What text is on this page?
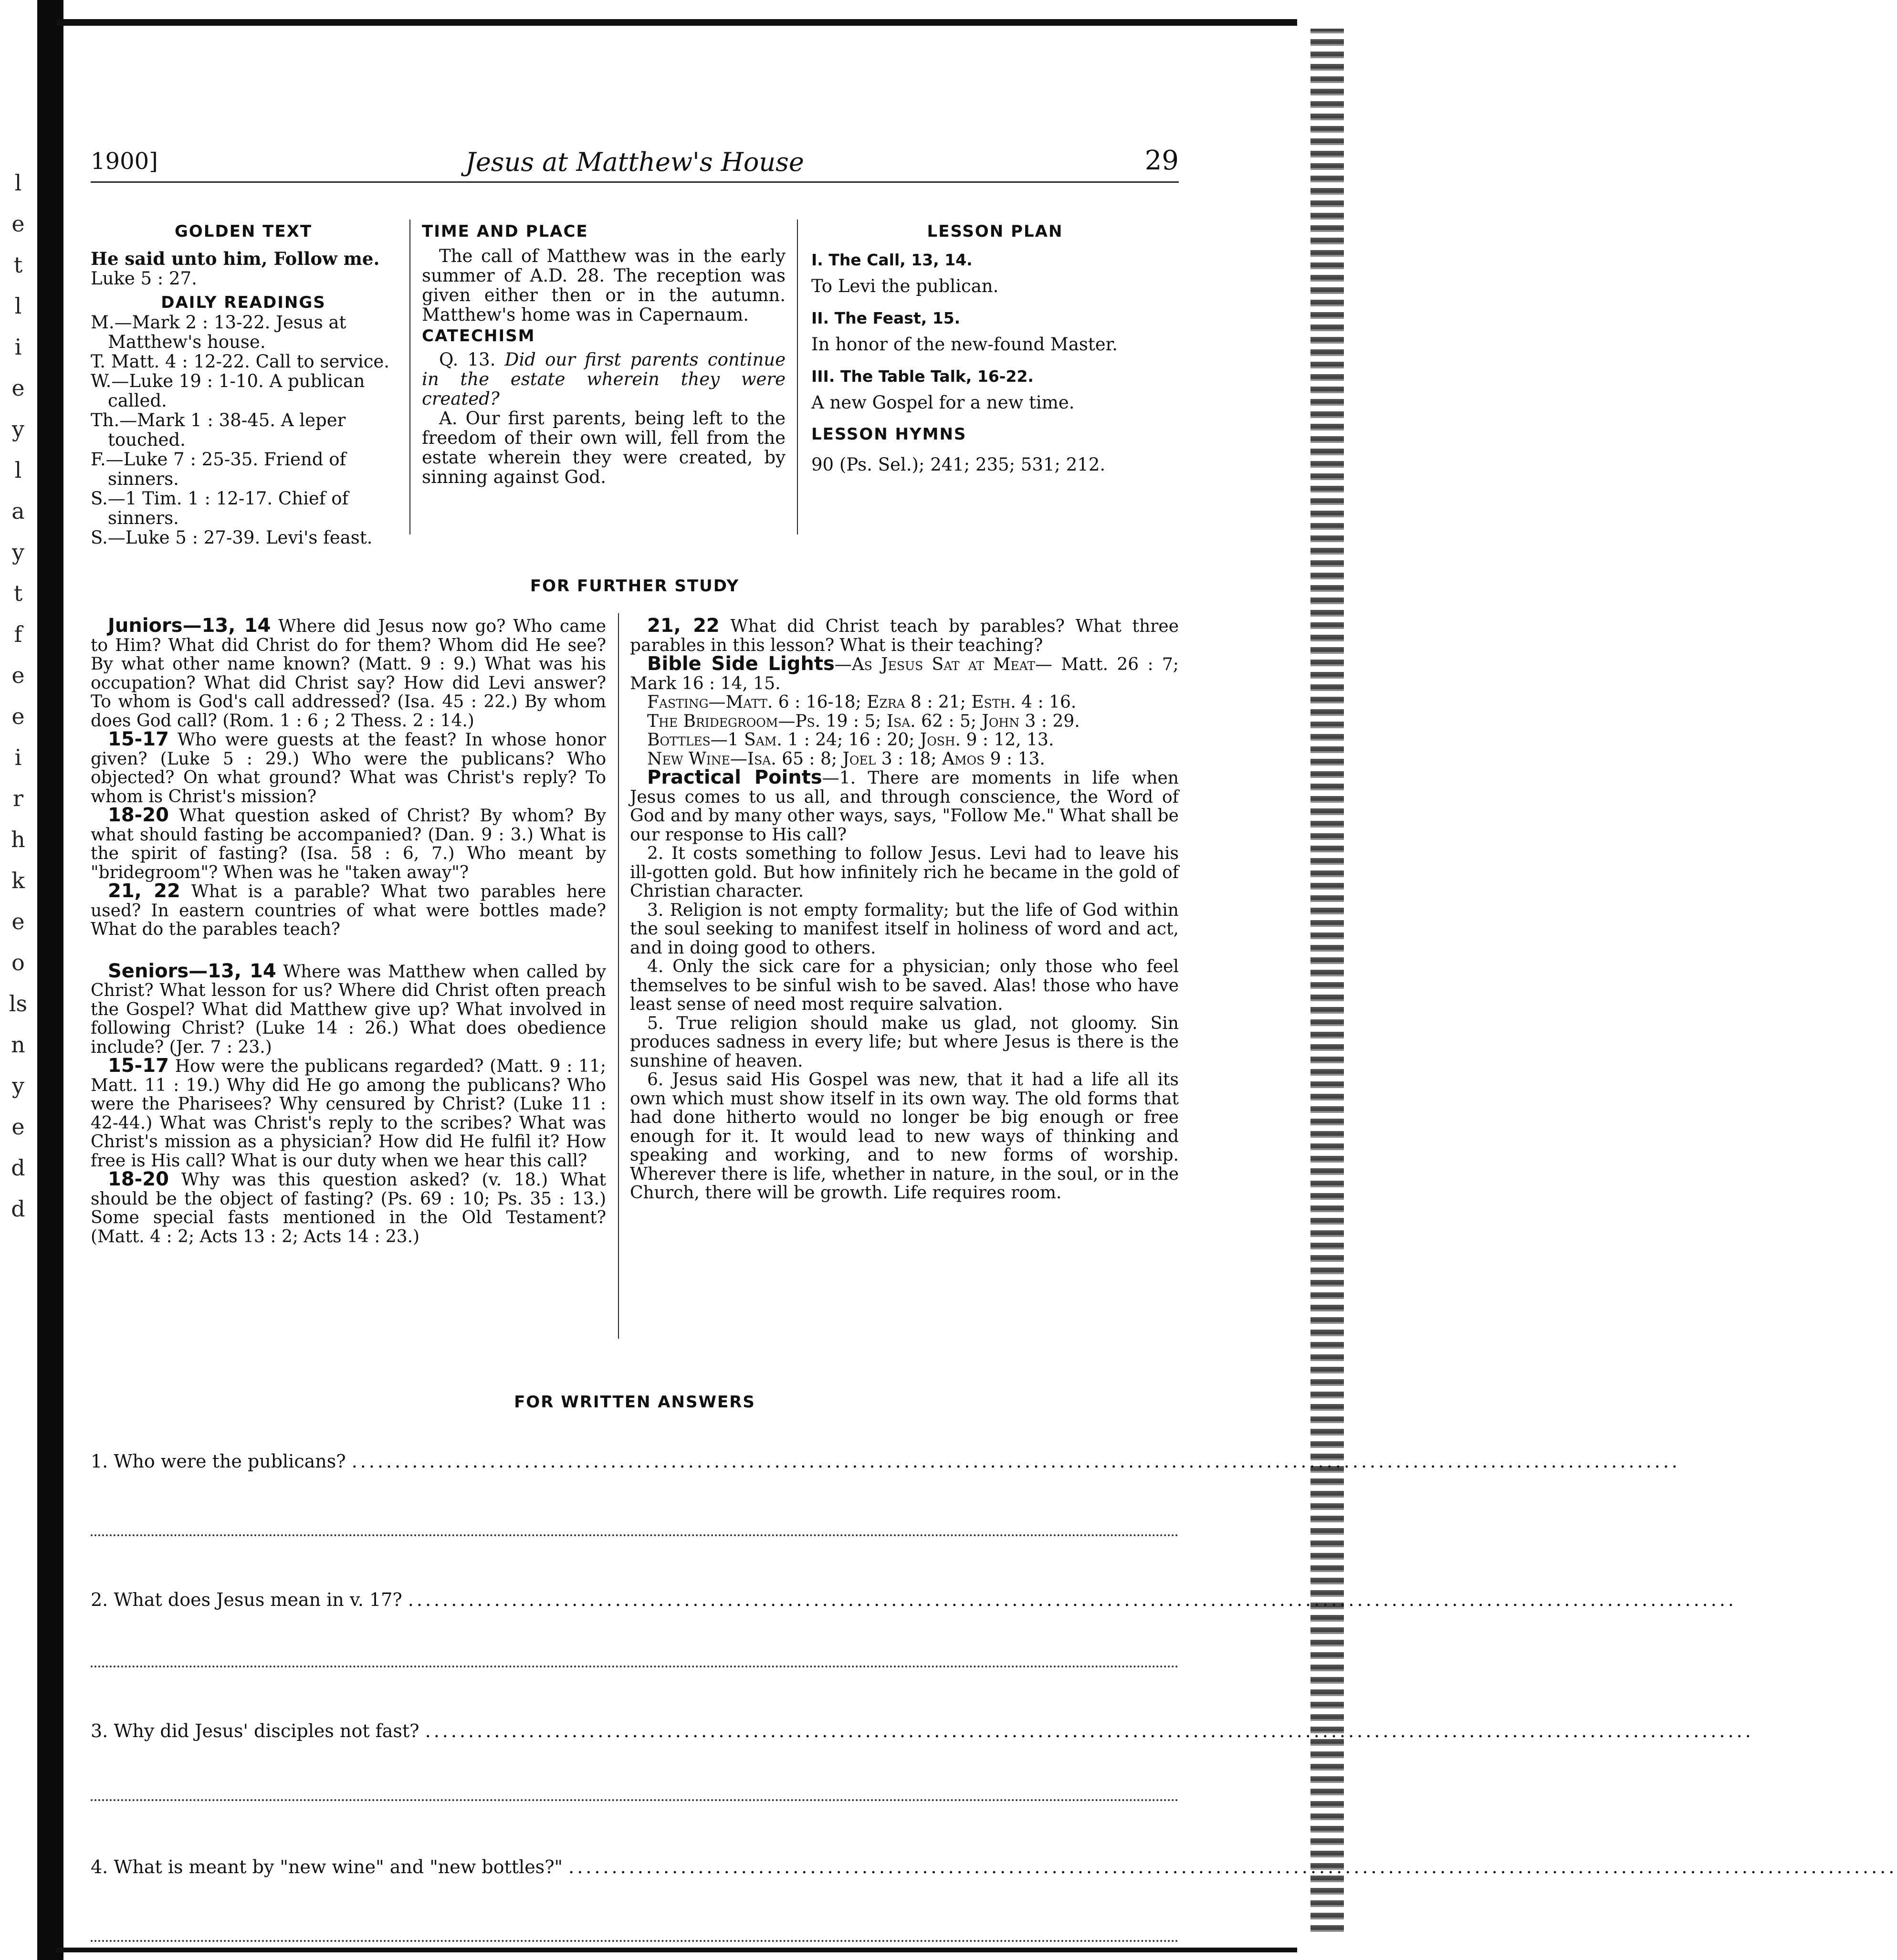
l
e
t
l
i
e
y
l
a
y
t
f
e
e
i
r
h
k
e
o
ls
n
y
e
d
d
1900]	Jesus at Matthew's House	29
GOLDEN TEXT

He said unto him, Follow me.
Luke 5 : 27.

DAILY READINGS

M.—Mark 2 : 13-22. Jesus at Matthew's house.

T. Matt. 4 : 12-22. Call to service.

W.—Luke 19 : 1-10. A publican called.

Th.—Mark 1 : 38-45. A leper touched.

F.—Luke 7 : 25-35. Friend of sinners.

S.—1 Tim. 1 : 12-17. Chief of sinners.

S.—Luke 5 : 27-39. Levi's feast.

TIME AND PLACE

The call of Matthew was in the early summer of A.D. 28. The reception was given either then or in the autumn. Matthew's home was in Capernaum.

CATECHISM

Q. 13. Did our first parents continue in the estate wherein they were created?

A. Our first parents, being left to the freedom of their own will, fell from the estate wherein they were created, by sinning against God.

LESSON PLAN

I. The Call, 13, 14.

To Levi the publican.

II. The Feast, 15.

In honor of the new-found Master.

III. The Table Talk, 16-22.

A new Gospel for a new time.

LESSON HYMNS

90 (Ps. Sel.); 241; 235; 531; 212.

FOR FURTHER STUDY

Juniors—13, 14 Where did Jesus now go? Who came to Him? What did Christ do for them? Whom did He see? By what other name known? (Matt. 9 : 9.) What was his occupation? What did Christ say? How did Levi answer? To whom is God's call addressed? (Isa. 45 : 22.) By whom does God call? (Rom. 1 : 6 ; 2 Thess. 2 : 14.)

15-17 Who were guests at the feast? In whose honor given? (Luke 5 : 29.) Who were the publicans? Who objected? On what ground? What was Christ's reply? To whom is Christ's mission?

18-20 What question asked of Christ? By whom? By what should fasting be accompanied? (Dan. 9 : 3.) What is the spirit of fasting? (Isa. 58 : 6, 7.) Who meant by "bridegroom"? When was he "taken away"?

21, 22 What is a parable? What two parables here used? In eastern countries of what were bottles made? What do the parables teach?

Seniors—13, 14 Where was Matthew when called by Christ? What lesson for us? Where did Christ often preach the Gospel? What did Matthew give up? What involved in following Christ? (Luke 14 : 26.) What does obedience include? (Jer. 7 : 23.)

15-17 How were the publicans regarded? (Matt. 9 : 11; Matt. 11 : 19.) Why did He go among the publicans? Who were the Pharisees? Why censured by Christ? (Luke 11 : 42-44.) What was Christ's reply to the scribes? What was Christ's mission as a physician? How did He fulfil it? How free is His call? What is our duty when we hear this call?

18-20 Why was this question asked? (v. 18.) What should be the object of fasting? (Ps. 69 : 10; Ps. 35 : 13.) Some special fasts mentioned in the Old Testament? (Matt. 4 : 2; Acts 13 : 2; Acts 14 : 23.)

21, 22 What did Christ teach by parables? What three parables in this lesson? What is their teaching?

Bible Side Lights—As Jesus Sat at Meat— Matt. 26 : 7; Mark 16 : 14, 15.

Fasting—Matt. 6 : 16-18; Ezra 8 : 21; Esth. 4 : 16.

The Bridegroom—Ps. 19 : 5; Isa. 62 : 5; John 3 : 29.

Bottles—1 Sam. 1 : 24; 16 : 20; Josh. 9 : 12, 13.

New Wine—Isa. 65 : 8; Joel 3 : 18; Amos 9 : 13.

Practical Points—1. There are moments in life when Jesus comes to us all, and through conscience, the Word of God and by many other ways, says, "Follow Me." What shall be our response to His call?

2. It costs something to follow Jesus. Levi had to leave his ill-gotten gold. But how infinitely rich he became in the gold of Christian character.

3. Religion is not empty formality; but the life of God within the soul seeking to manifest itself in holiness of word and act, and in doing good to others.

4. Only the sick care for a physician; only those who feel themselves to be sinful wish to be saved. Alas! those who have least sense of need most require salvation.

5. True religion should make us glad, not gloomy. Sin produces sadness in every life; but where Jesus is there is the sunshine of heaven.

6. Jesus said His Gospel was new, that it had a life all its own which must show itself in its own way. The old forms that had done hitherto would no longer be big enough or free enough for it. It would lead to new ways of thinking and speaking and working, and to new forms of worship. Wherever there is life, whether in nature, in the soul, or in the Church, there will be growth. Life requires room.

FOR WRITTEN ANSWERS
1. Who were the publicans? ..........................................................................................................................................................
2. What does Jesus mean in v. 17? ..........................................................................................................................................................
3. Why did Jesus' disciples not fast? ..........................................................................................................................................................
4. What is meant by "new wine" and "new bottles?" ..........................................................................................................................................................
